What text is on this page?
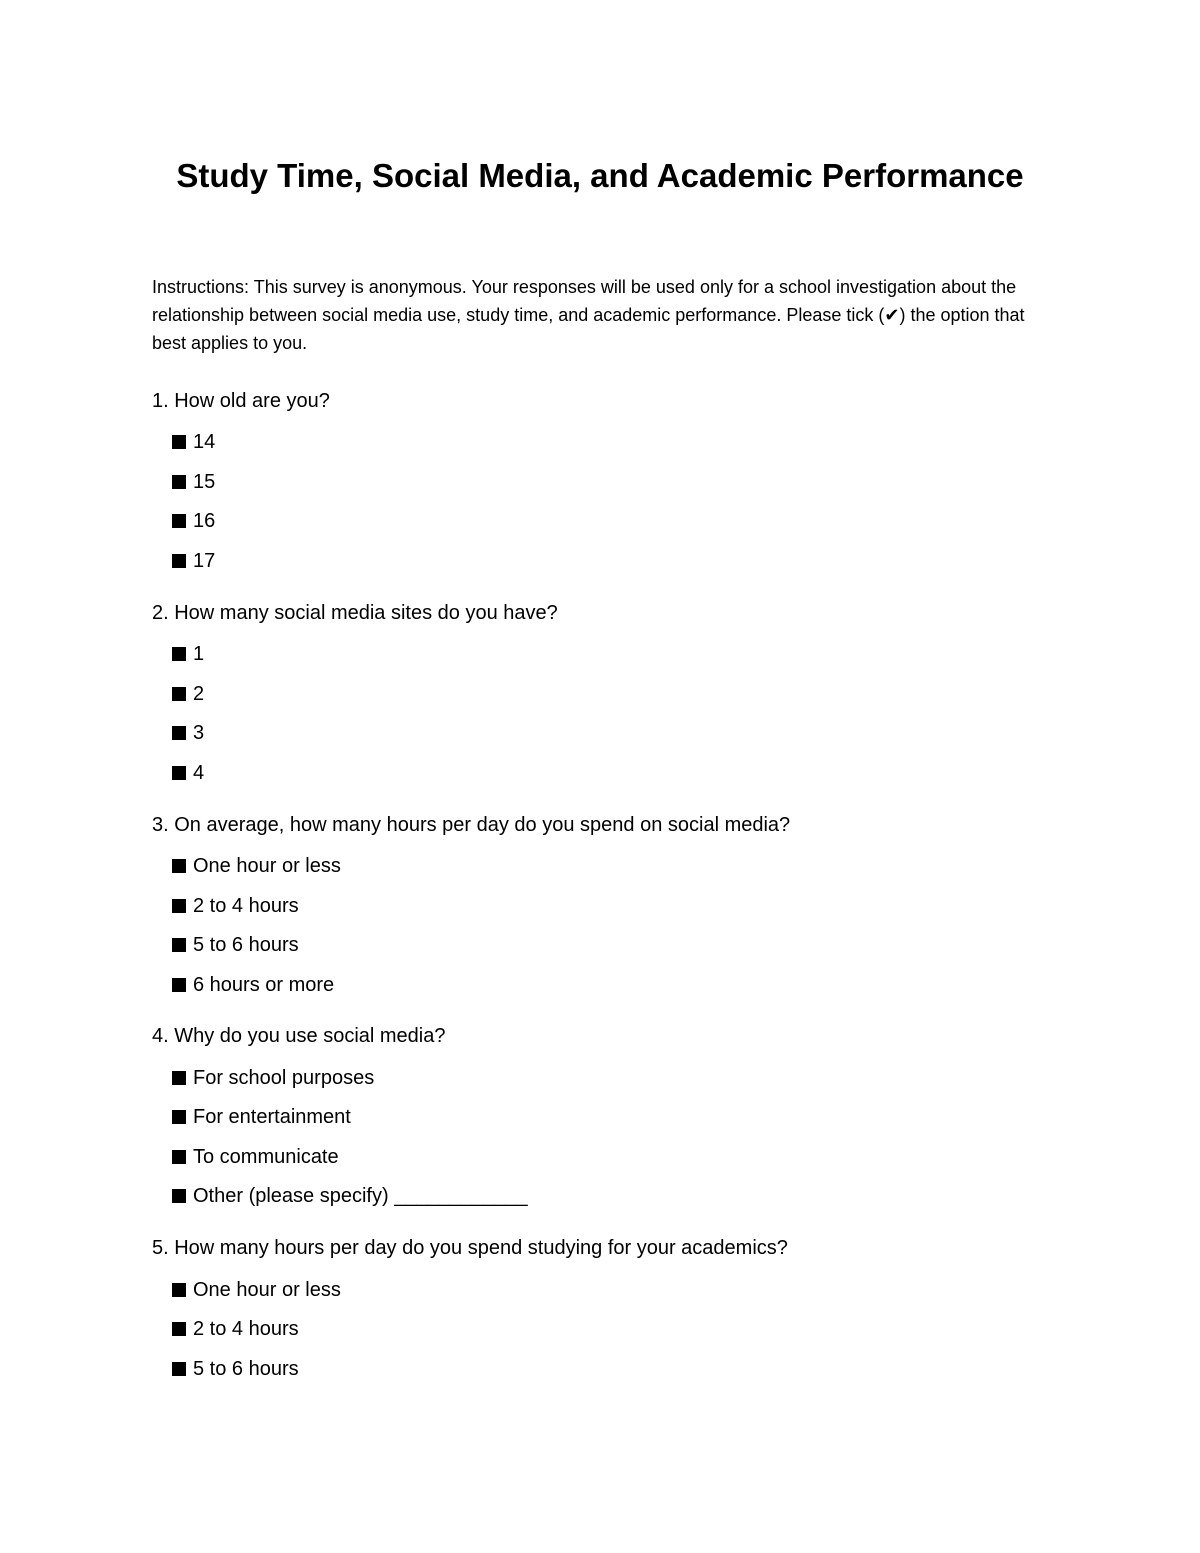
Study Time, Social Media, and Academic Performance

Instructions: This survey is anonymous. Your responses will be used only for a school investigation about the relationship between social media use, study time, and academic performance. Please tick (✔) the option that best applies to you.

1. How old are you?

14
15
16
17

2. How many social media sites do you have?

1
2
3
4

3. On average, how many hours per day do you spend on social media?

One hour or less
2 to 4 hours
5 to 6 hours
6 hours or more

4. Why do you use social media?

For school purposes
For entertainment
To communicate
Other (please specify) ____________

5. How many hours per day do you spend studying for your academics?

One hour or less
2 to 4 hours
5 to 6 hours
